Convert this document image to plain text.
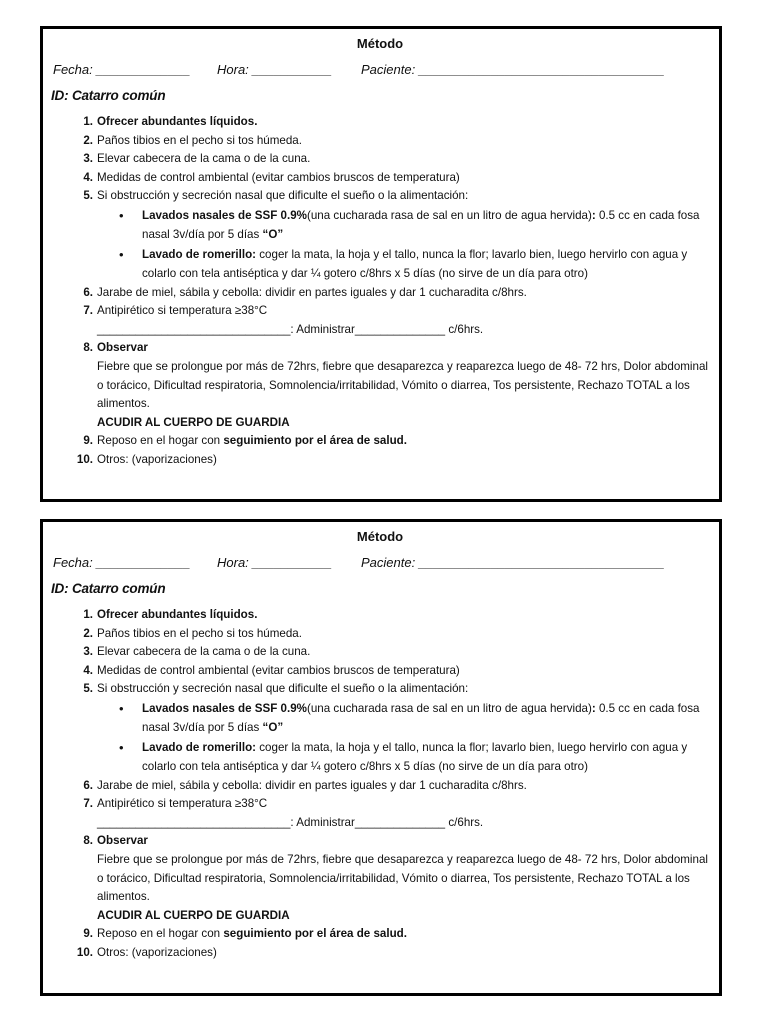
Método
Fecha: _____________ Hora: ___________ Paciente: __________________________________
ID: Catarro común
1. Ofrecer abundantes líquidos.
2. Paños tibios en el pecho si tos húmeda.
3. Elevar cabecera de la cama o de la cuna.
4. Medidas de control ambiental (evitar cambios bruscos de temperatura)
5. Si obstrucción y secreción nasal que dificulte el sueño o la alimentación:
• Lavados nasales de SSF 0.9%(una cucharada rasa de sal en un litro de agua hervida): 0.5 cc en cada fosa nasal 3v/día por 5 días “O”
• Lavado de romerillo: coger la mata, la hoja y el tallo, nunca la flor; lavarlo bien, luego hervirlo con agua y colarlo con tela antiséptica y dar ¼ gotero c/8hrs x 5 días (no sirve de un día para otro)
6. Jarabe de miel, sábila y cebolla: dividir en partes iguales y dar 1 cucharadita c/8hrs.
7. Antipirético si temperatura ≥38°C
______________________________: Administrar______________ c/6hrs.
8. Observar
Fiebre que se prolongue por más de 72hrs, fiebre que desaparezca y reaparezca luego de 48- 72 hrs, Dolor abdominal o torácico, Dificultad respiratoria, Somnolencia/irritabilidad, Vómito o diarrea, Tos persistente, Rechazo TOTAL a los alimentos.
ACUDIR AL CUERPO DE GUARDIA
9. Reposo en el hogar con seguimiento por el área de salud.
10. Otros: (vaporizaciones)
Método
Fecha: _____________ Hora: ___________ Paciente: __________________________________
ID: Catarro común
1. Ofrecer abundantes líquidos.
2. Paños tibios en el pecho si tos húmeda.
3. Elevar cabecera de la cama o de la cuna.
4. Medidas de control ambiental (evitar cambios bruscos de temperatura)
5. Si obstrucción y secreción nasal que dificulte el sueño o la alimentación:
• Lavados nasales de SSF 0.9%(una cucharada rasa de sal en un litro de agua hervida): 0.5 cc en cada fosa nasal 3v/día por 5 días “O”
• Lavado de romerillo: coger la mata, la hoja y el tallo, nunca la flor; lavarlo bien, luego hervirlo con agua y colarlo con tela antiséptica y dar ¼ gotero c/8hrs x 5 días (no sirve de un día para otro)
6. Jarabe de miel, sábila y cebolla: dividir en partes iguales y dar 1 cucharadita c/8hrs.
7. Antipirético si temperatura ≥38°C
______________________________: Administrar______________ c/6hrs.
8. Observar
Fiebre que se prolongue por más de 72hrs, fiebre que desaparezca y reaparezca luego de 48- 72 hrs, Dolor abdominal o torácico, Dificultad respiratoria, Somnolencia/irritabilidad, Vómito o diarrea, Tos persistente, Rechazo TOTAL a los alimentos.
ACUDIR AL CUERPO DE GUARDIA
9. Reposo en el hogar con seguimiento por el área de salud.
10. Otros: (vaporizaciones)
